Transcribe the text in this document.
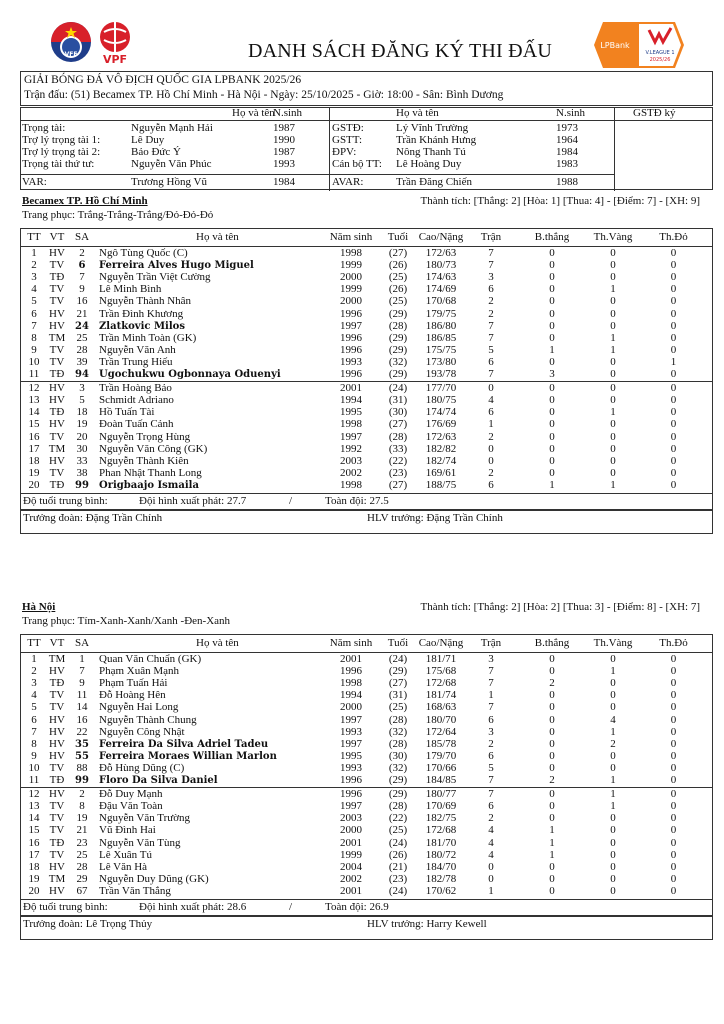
VFF VPF
LPBank
V.LEAGUE 1
2025/26
DANH SÁCH ĐĂNG KÝ THI ĐẤU
GIẢI BÓNG ĐÁ VÔ ĐỊCH QUỐC GIA LPBANK 2025/26
Trận đấu: (51) Becamex TP. Hồ Chí Minh - Hà Nội - Ngày: 25/10/2025 - Giờ: 18:00 - Sân: Bình Dương
Họ và tên
N.sinh	Họ và tên	N.sinh	GSTĐ ký
Trọng tài:	Nguyễn Mạnh Hải	1987
Trợ lý trọng tài 1:	Lê Duy	1990
Trợ lý trọng tài 2:	Bảo Đức Ý	1987
Trọng tài thứ tư:	Nguyễn Văn Phúc	1993
VAR:	Trương Hồng Vũ	1984
GSTĐ:	Lý Vĩnh Trường	1973
GSTT:	Trần Khánh Hưng	1964
ĐPV:	Nông Thanh Tú	1984
Cán bộ TT: Lê Hoàng Duy	1983
AVAR:	Trần Đăng Chiến	1988
Becamex TP. Hồ Chí Minh	Thành tích: [Thắng: 2] [Hòa: 1] [Thua: 4] - [Điểm: 7] - [XH: 9]
Trang phục: Trắng-Trắng-Trắng/Đỏ-Đỏ-Đỏ
TT VT SA	Họ và tên	Năm sinh	Tuổi Cao/Nặng	Trận	B.thắng	Th.Vàng	Th.Đỏ
1	HV	2	Ngô Tùng Quốc (C)	1998	(27)	172/63	7	0	0	0
2	TV	6	Ferreira Alves Hugo Miguel	1999	(26)	180/73	7	0	0	0
3	TĐ	7	Nguyễn Trần Việt Cường	2000	(25)	174/63	3	0	0	0
4	TV	9	Lê Minh Bình	1999	(26)	174/69	6	0	1	0
5	TV	16	Nguyễn Thành Nhân	2000	(25)	170/68	2	0	0	0
6	HV	21	Trần Đình Khương	1996	(29)	179/75	2	0	0	0
7	HV	24	Zlatkovic Milos	1997	(28)	186/80	7	0	0	0
8	TM	25	Trần Minh Toàn (GK)	1996	(29)	186/85	7	0	1	0
9	TV	28	Nguyễn Văn Anh	1996	(29)	175/75	5	1	1	0
10 TV	39	Trần Trung Hiếu	1993	(32)	173/80	6	0	0	1
11 TĐ	94	Ugochukwu Ogbonnaya Oduenyi	1996	(29)	193/78	7	3	0	0
12 HV	3	Trần Hoàng Bảo	2001	(24)	177/70	0	0	0	0
13 HV	5	Schmidt Adriano	1994	(31)	180/75	4	0	0	0
14 TĐ	18	Hồ Tuấn Tài	1995	(30)	174/74	6	0	1	0
15 HV	19	Đoàn Tuấn Cảnh	1998	(27)	176/69	1	0	0	0
16 TV	20	Nguyễn Trọng Hùng	1997	(28)	172/63	2	0	0	0
17 TM	30	Nguyễn Văn Công (GK)	1992	(33)	182/82	0	0	0	0
18 HV	33	Nguyễn Thành Kiên	2003	(22)	182/74	0	0	0	0
19 TV	38	Phan Nhật Thanh Long	2002	(23)	169/61	2	0	0	0
20 TĐ	99	Origbaajo Ismaila	1998	(27)	188/75	6	1	1	0
Độ tuổi trung bình:	Đội hình xuất phát: 27.7	/	Toàn đội: 27.5
Trưởng đoàn: Đặng Trần Chính	HLV trưởng: Đặng Trần Chính
Hà Nội	Thành tích: [Thắng: 2] [Hòa: 2] [Thua: 3] - [Điểm: 8] - [XH: 7]
Trang phục: Tím-Xanh-Xanh/Xanh -Đen-Xanh
TT VT SA	Họ và tên	Năm sinh	Tuổi Cao/Nặng	Trận	B.thắng	Th.Vàng	Th.Đỏ
1	TM	1	Quan Văn Chuẩn (GK)	2001	(24)	181/71	3	0	0	0
2	HV	7	Phạm Xuân Mạnh	1996	(29)	175/68	7	0	1	0
3	TĐ	9	Phạm Tuấn Hải	1998	(27)	172/68	7	2	0	0
4	TV	11	Đỗ Hoàng Hên	1994	(31)	181/74	1	0	0	0
5	TV	14	Nguyễn Hai Long	2000	(25)	168/63	7	0	0	0
6	HV	16	Nguyễn Thành Chung	1997	(28)	180/70	6	0	4	0
7	HV	22	Nguyễn Công Nhật	1993	(32)	172/64	3	0	1	0
8	HV	35	Ferreira Da Silva Adriel Tadeu	1997	(28)	185/78	2	0	2	0
9	HV	55	Ferreira Moraes Willian Marlon	1995	(30)	179/70	6	0	0	0
10 TV	88	Đỗ Hùng Dũng (C)	1993	(32)	170/66	5	0	0	0
11 TĐ	99	Floro Da Silva Daniel	1996	(29)	184/85	7	2	1	0
12 HV	2	Đỗ Duy Mạnh	1996	(29)	180/77	7	0	1	0
13 TV	8	Đậu Văn Toàn	1997	(28)	170/69	6	0	1	0
14 TV	19	Nguyễn Văn Trường	2003	(22)	182/75	2	0	0	0
15 TV	21	Vũ Đình Hai	2000	(25)	172/68	4	1	0	0
16 TĐ	23	Nguyễn Văn Tùng	2001	(24)	181/70	4	1	0	0
17 TV	25	Lê Xuân Tú	1999	(26)	180/72	4	1	0	0
18 HV	28	Lê Văn Hà	2004	(21)	184/70	0	0	0	0
19 TM	29	Nguyễn Duy Dũng (GK)	2002	(23)	182/78	0	0	0	0
20 HV	67	Trần Văn Thắng	2001	(24)	170/62	1	0	0	0
Độ tuổi trung bình:	Đội hình xuất phát: 28.6	/	Toàn đội: 26.9
Trưởng đoàn: Lê Trọng Thủy	HLV trưởng: Harry Kewell
